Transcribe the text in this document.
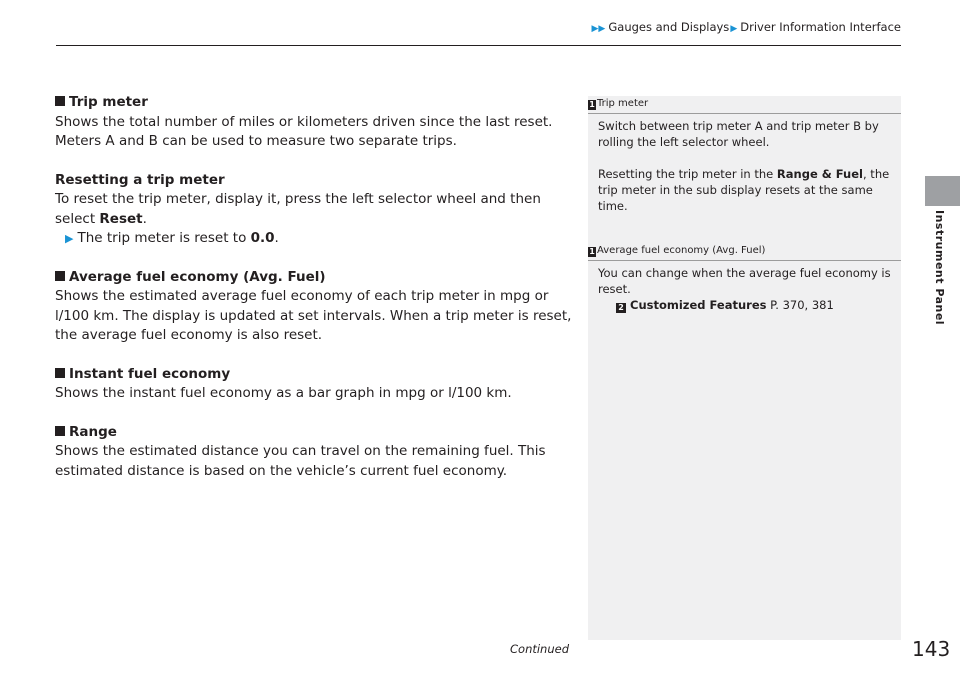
▶▶ Gauges and Displays▶ Driver Information Interface

Trip meter

Shows the total number of miles or kilometers driven since the last reset. Meters A and B can be used to measure two separate trips.

Resetting a trip meter

To reset the trip meter, display it, press the left selector wheel and then select Reset.

▶ The trip meter is reset to 0.0.

Average fuel economy (Avg. Fuel)

Shows the estimated average fuel economy of each trip meter in mpg or l/100 km. The display is updated at set intervals. When a trip meter is reset, the average fuel economy is also reset.

Instant fuel economy

Shows the instant fuel economy as a bar graph in mpg or l/100 km.

Range

Shows the estimated distance you can travel on the remaining fuel. This estimated distance is based on the vehicle’s current fuel economy.

1 Trip meter

Switch between trip meter A and trip meter B by rolling the left selector wheel.

Resetting the trip meter in the Range & Fuel, the trip meter in the sub display resets at the same time.

1 Average fuel economy (Avg. Fuel)

You can change when the average fuel economy is reset.

2 Customized Features P. 370, 381	Instrument Panel
Continued	143
